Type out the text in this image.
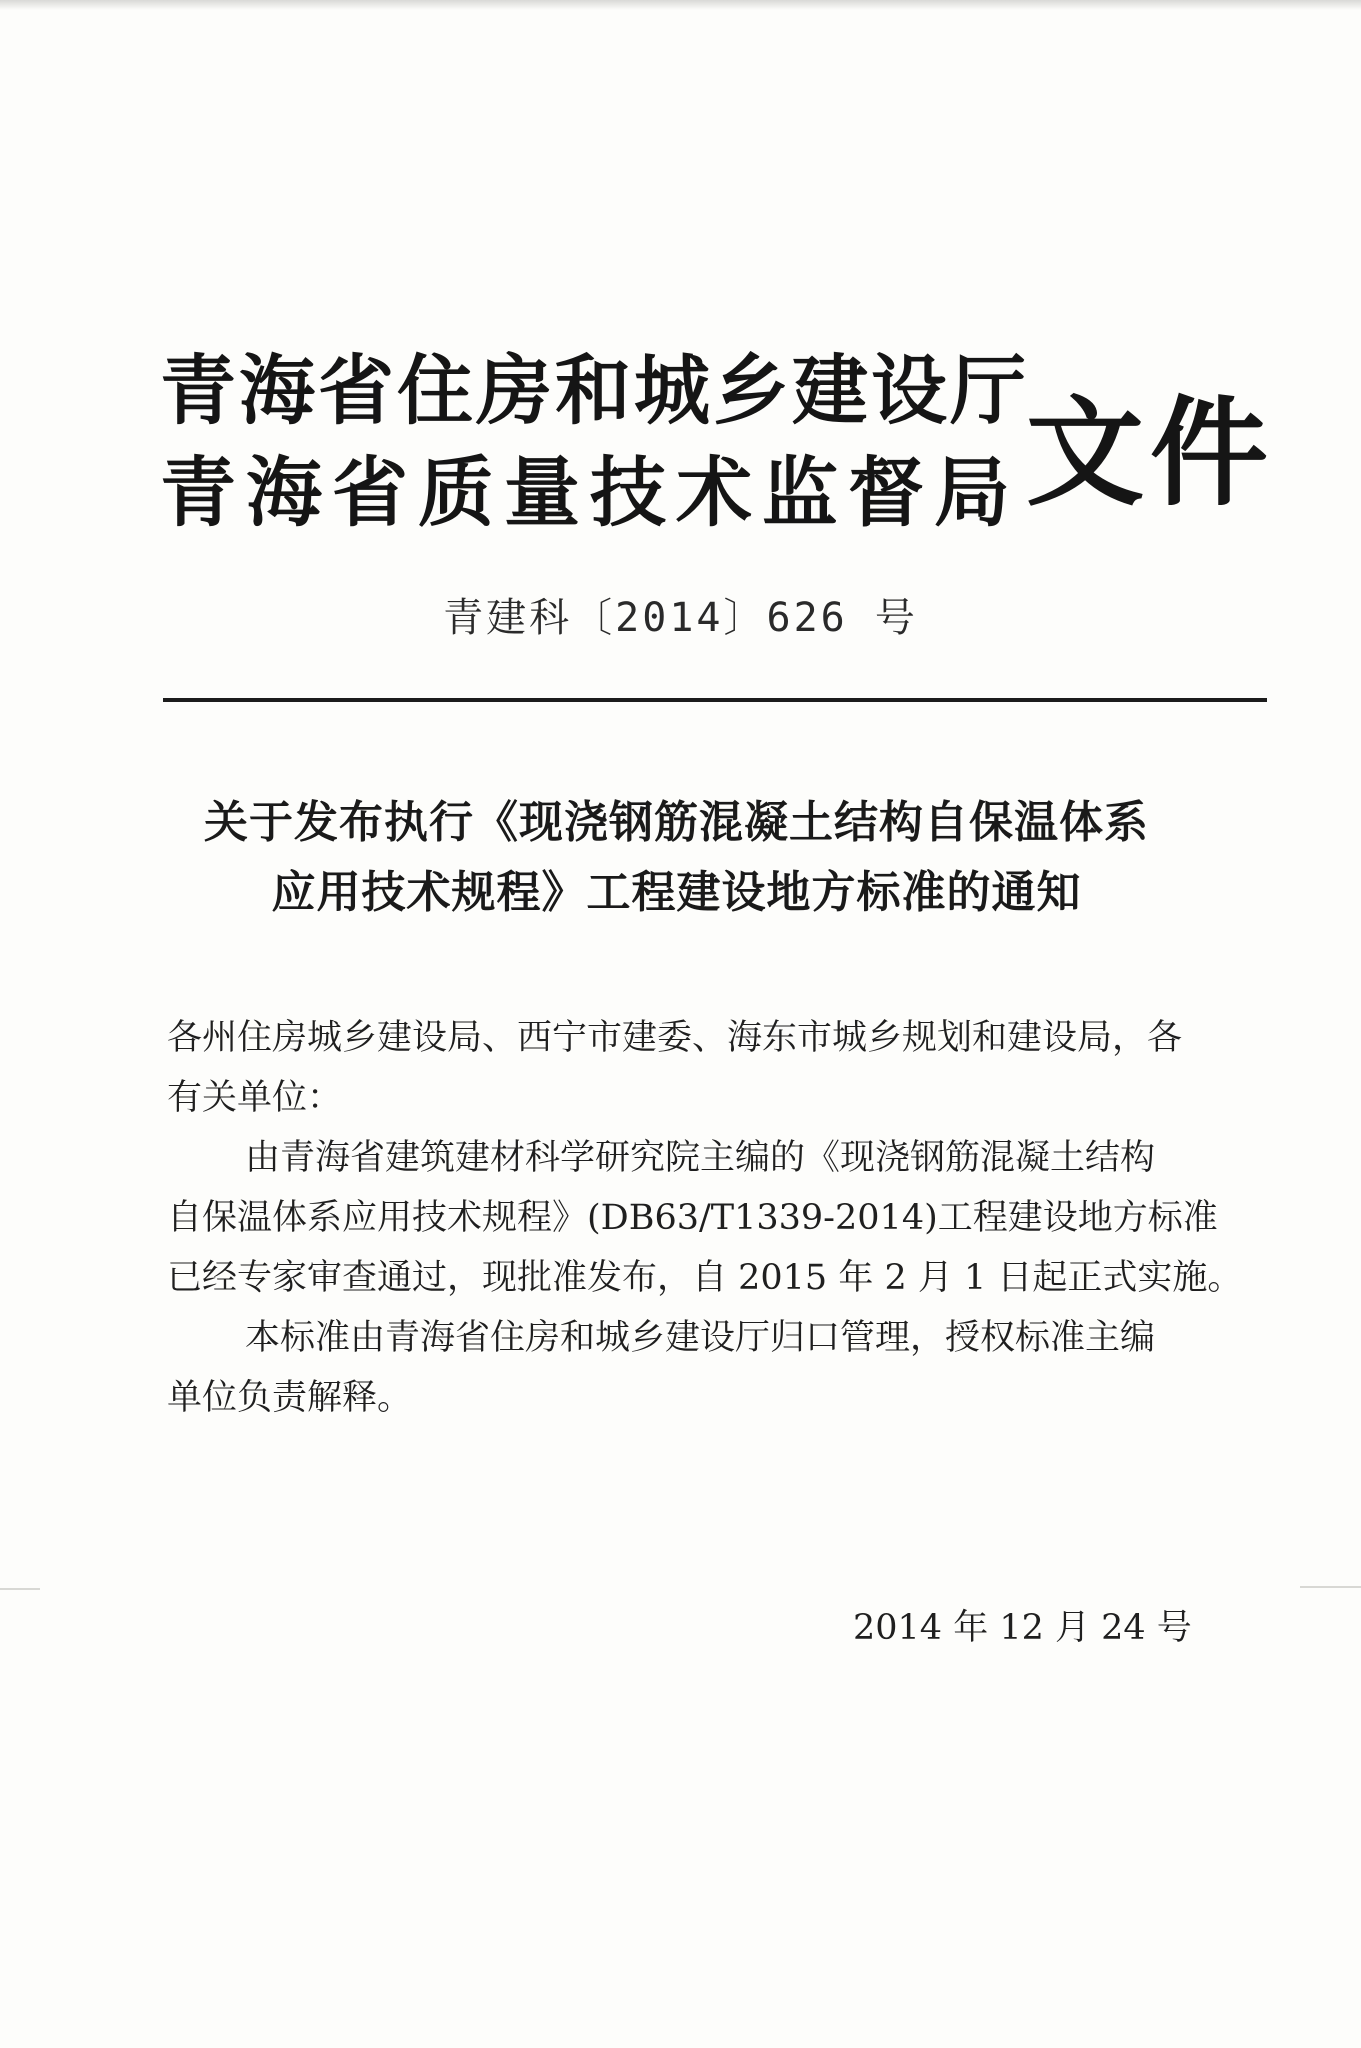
青海省住房和城乡建设厅
青海省质量技术监督局 文件
青建科〔2014〕626 号
关于发布执行《现浇钢筋混凝土结构自保温体系
应用技术规程》工程建设地方标准的通知
各州住房城乡建设局、西宁市建委、海东市城乡规划和建设局，各
有关单位：
由青海省建筑建材科学研究院主编的《现浇钢筋混凝土结构
自保温体系应用技术规程》(DB63/T1339-2014)工程建设地方标准
已经专家审查通过，现批准发布，自 2015 年 2 月 1 日起正式实施。
本标准由青海省住房和城乡建设厅归口管理，授权标准主编
单位负责解释。
2014 年 12 月 24 号
